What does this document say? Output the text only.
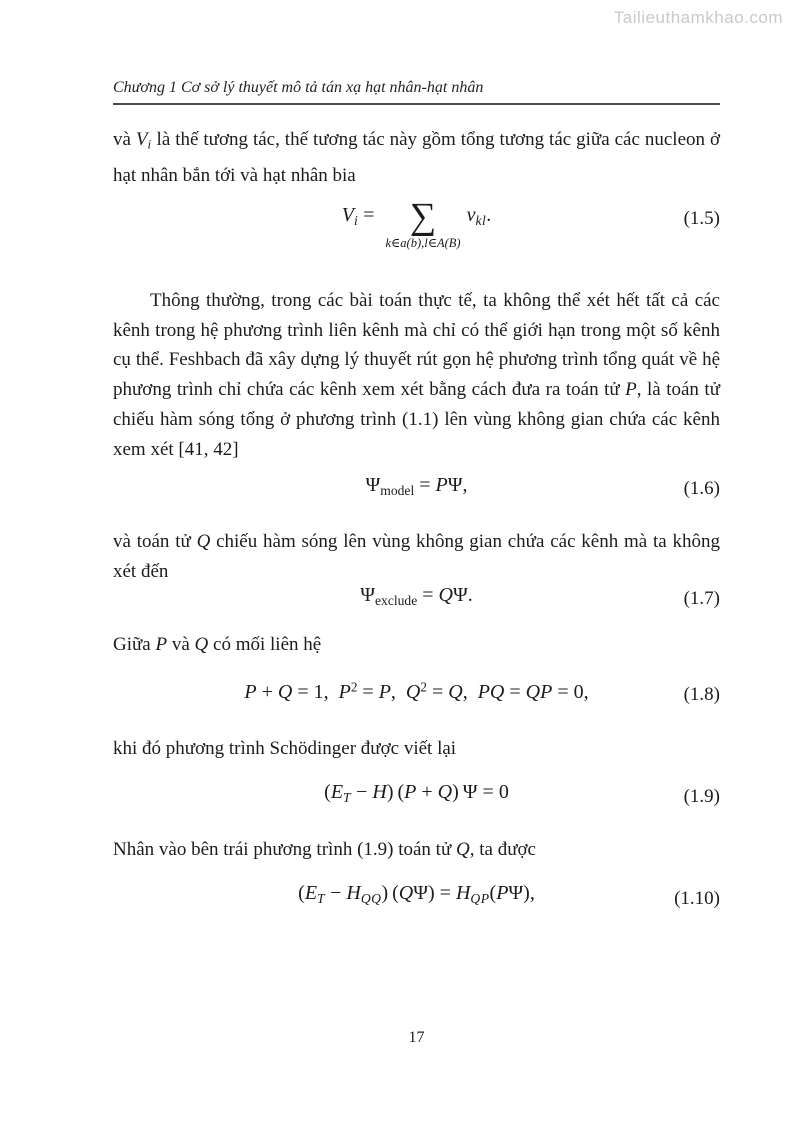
Tailieuthamkhao.com
Chương 1 Cơ sở lý thuyết mô tả tán xạ hạt nhân-hạt nhân
và Vi là thế tương tác, thế tương tác này gồm tổng tương tác giữa các nucleon ở hạt nhân bắn tới và hạt nhân bia
Vi = ∑
k∈a(b),l∈A(B)
vkl.	(1.5)
Thông thường, trong các bài toán thực tế, ta không thể xét hết tất cả các kênh trong hệ phương trình liên kênh mà chỉ có thể giới hạn trong một số kênh cụ thể. Feshbach đã xây dựng lý thuyết rút gọn hệ phương trình tổng quát về hệ phương trình chỉ chứa các kênh xem xét bằng cách đưa ra toán tử P, là toán tử chiếu hàm sóng tổng ở phương trình (1.1) lên vùng không gian chứa các kênh xem xét [41, 42]
Ψmodel = PΨ,	(1.6)
và toán tử Q chiếu hàm sóng lên vùng không gian chứa các kênh mà ta không xét đến
Ψexclude = QΨ.	(1.7)
Giữa P và Q có mối liên hệ
P + Q = 1, $P^2 = P$, $Q^2 = Q$, PQ = QP = 0,	(1.8)
khi đó phương trình Schödinger được viết lại
(ET − H) (P + Q) Ψ = 0	(1.9)
Nhân vào bên trái phương trình (1.9) toán tử Q, ta được
(ET − HQQ) (QΨ) = HQP(PΨ),	(1.10)
17
